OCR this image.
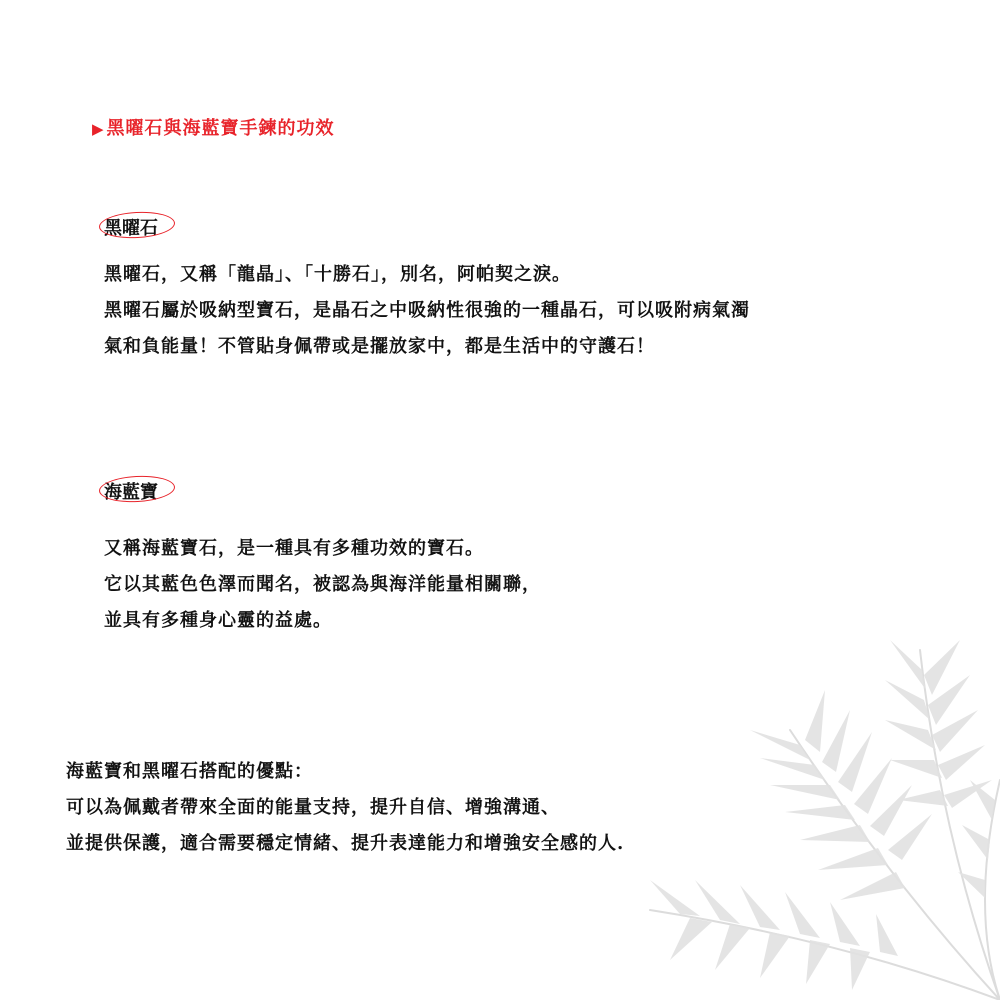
▶ 黑曜石與海藍寶手鍊的功效
黑曜石
黑曜石，又稱「龍晶」、「十勝石」，別名，阿帕契之淚。
黑曜石屬於吸納型寶石，是晶石之中吸納性很強的一種晶石，可以吸附病氣濁
氣和負能量！不管貼身佩帶或是擺放家中，都是生活中的守護石！
海藍寶
又稱海藍寶石，是一種具有多種功效的寶石。
它以其藍色色澤而聞名，被認為與海洋能量相關聯，
並具有多種身心靈的益處。
海藍寶和黑曜石搭配的優點：
可以為佩戴者帶來全面的能量支持，提升自信、增強溝通、
並提供保護，適合需要穩定情緒、提升表達能力和增強安全感的人.
